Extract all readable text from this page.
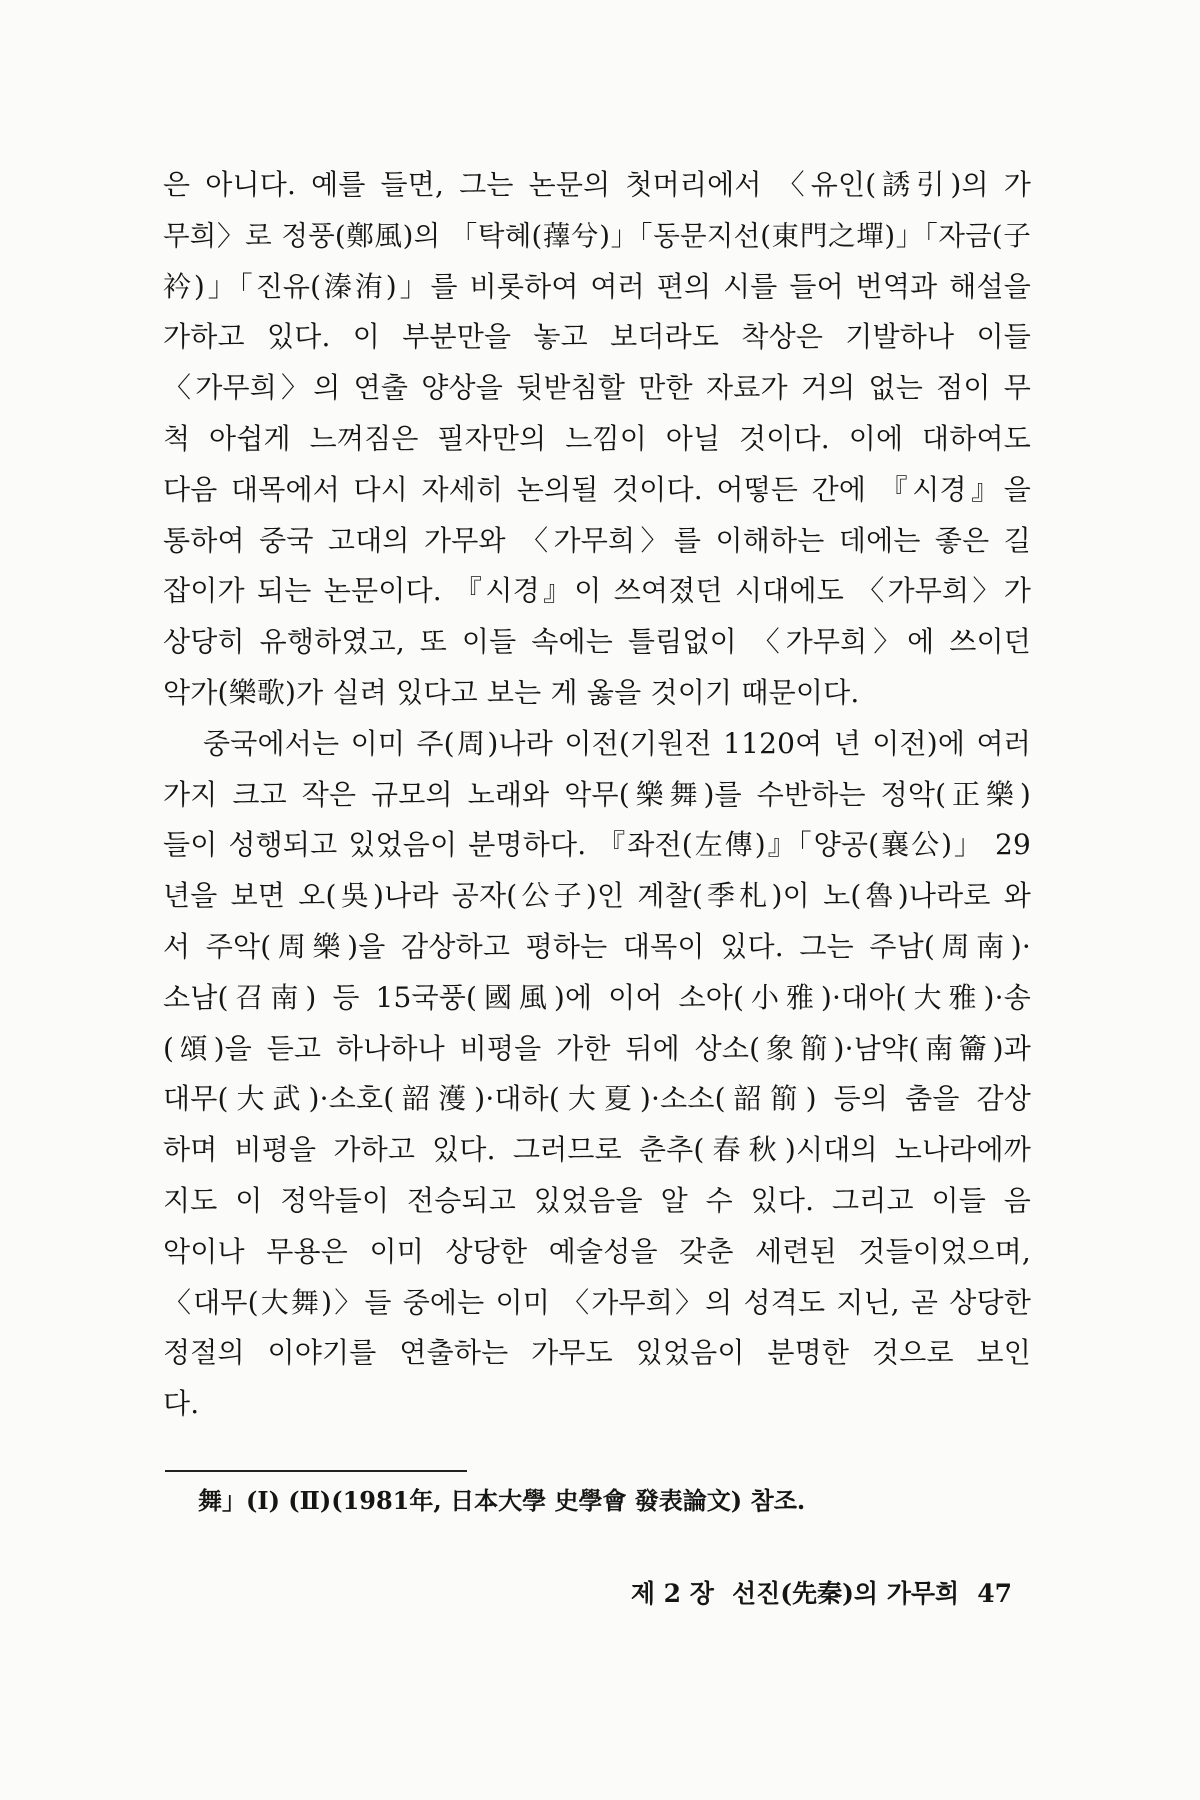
은 아니다. 예를 들면, 그는 논문의 첫머리에서 〈유인(誘引)의 가
무희〉로 정풍(鄭風)의 「탁혜(蘀兮)」「동문지선(東門之墠)」「자금(子
衿)」「진유(溱洧)」를 비롯하여 여러 편의 시를 들어 번역과 해설을
가하고 있다. 이 부분만을 놓고 보더라도 착상은 기발하나 이들
〈가무희〉의 연출 양상을 뒷받침할 만한 자료가 거의 없는 점이 무
척 아쉽게 느껴짐은 필자만의 느낌이 아닐 것이다. 이에 대하여도
다음 대목에서 다시 자세히 논의될 것이다. 어떻든 간에 『시경』을
통하여 중국 고대의 가무와 〈가무희〉를 이해하는 데에는 좋은 길
잡이가 되는 논문이다. 『시경』이 쓰여졌던 시대에도 〈가무희〉가
상당히 유행하였고, 또 이들 속에는 틀림없이 〈가무희〉에 쓰이던
악가(樂歌)가 실려 있다고 보는 게 옳을 것이기 때문이다.
중국에서는 이미 주(周)나라 이전(기원전 1120여 년 이전)에 여러
가지 크고 작은 규모의 노래와 악무(樂舞)를 수반하는 정악(正樂)
들이 성행되고 있었음이 분명하다. 『좌전(左傳)』「양공(襄公)」 29
년을 보면 오(吳)나라 공자(公子)인 계찰(季札)이 노(魯)나라로 와
서 주악(周樂)을 감상하고 평하는 대목이 있다. 그는 주남(周南)·
소남(召南) 등 15국풍(國風)에 이어 소아(小雅)·대아(大雅)·송
(頌)을 듣고 하나하나 비평을 가한 뒤에 상소(象箾)·남약(南籥)과
대무(大武)·소호(韶濩)·대하(大夏)·소소(韶箾) 등의 춤을 감상
하며 비평을 가하고 있다. 그러므로 춘추(春秋)시대의 노나라에까
지도 이 정악들이 전승되고 있었음을 알 수 있다. 그리고 이들 음
악이나 무용은 이미 상당한 예술성을 갖춘 세련된 것들이었으며,
〈대무(大舞)〉들 중에는 이미 〈가무희〉의 성격도 지닌, 곧 상당한
정절의 이야기를 연출하는 가무도 있었음이 분명한 것으로 보인
다.
舞」(Ⅰ) (Ⅱ)(1981年, 日本大學 史學會 發表論文) 참조.
제 2 장 선진(先秦)의 가무희 47
